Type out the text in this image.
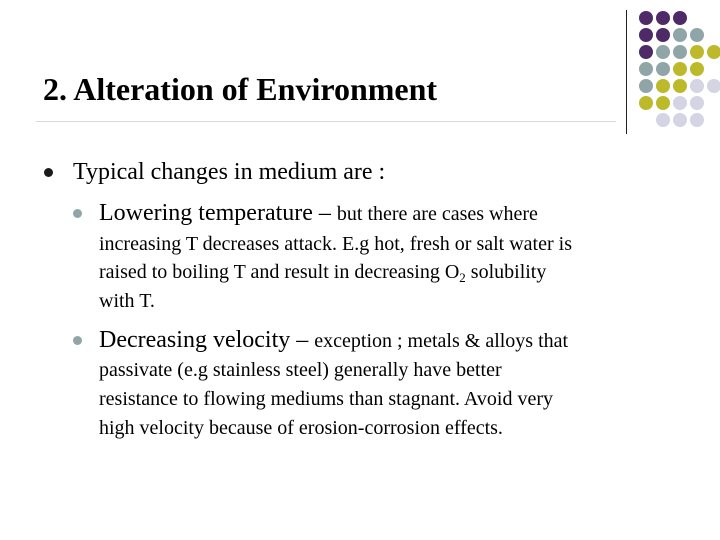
2. Alteration of Environment
Typical changes in medium are :
Lowering temperature – but there are cases where
increasing T decreases attack. E.g hot, fresh or salt water is
raised to boiling T and result in decreasing $O_2$ solubility
with T.
Decreasing velocity – exception ; metals & alloys that
passivate (e.g stainless steel) generally have better
resistance to flowing mediums than stagnant. Avoid very
high velocity because of erosion-corrosion effects.
